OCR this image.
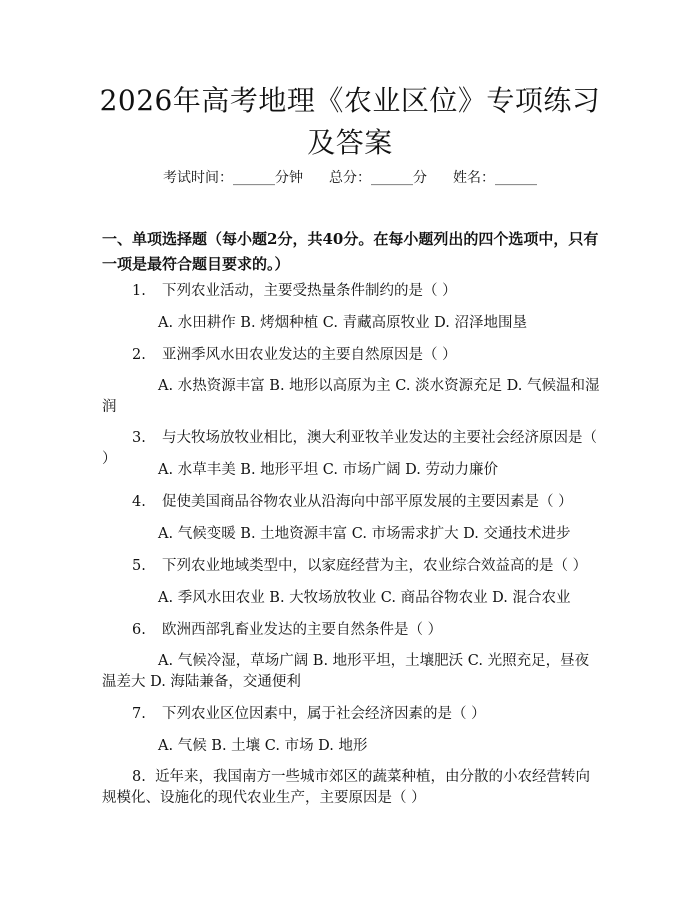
2026年高考地理《农业区位》专项练习及答案
考试时间：______分钟 总分：______分 姓名：______

一、单项选择题（每小题2分，共40分。在每小题列出的四个选项中，只有一项是最符合题目要求的。）

1. 下列农业活动，主要受热量条件制约的是（ ）

A. 水田耕作 B. 烤烟种植 C. 青藏高原牧业 D. 沼泽地围垦

2. 亚洲季风水田农业发达的主要自然原因是（ ）

A. 水热资源丰富 B. 地形以高原为主 C. 淡水资源充足 D. 气候温和湿润

3. 与大牧场放牧业相比，澳大利亚牧羊业发达的主要社会经济原因是（ ）

A. 水草丰美 B. 地形平坦 C. 市场广阔 D. 劳动力廉价

4. 促使美国商品谷物农业从沿海向中部平原发展的主要因素是（ ）

A. 气候变暖 B. 土地资源丰富 C. 市场需求扩大 D. 交通技术进步

5. 下列农业地域类型中，以家庭经营为主，农业综合效益高的是（ ）

A. 季风水田农业 B. 大牧场放牧业 C. 商品谷物农业 D. 混合农业

6. 欧洲西部乳畜业发达的主要自然条件是（ ）

A. 气候冷湿，草场广阔 B. 地形平坦，土壤肥沃 C. 光照充足，昼夜温差大 D. 海陆兼备，交通便利

7. 下列农业区位因素中，属于社会经济因素的是（ ）

A. 气候 B. 土壤 C. 市场 D. 地形

8. 近年来，我国南方一些城市郊区的蔬菜种植，由分散的小农经营转向规模化、设施化的现代农业生产，主要原因是（ ）
